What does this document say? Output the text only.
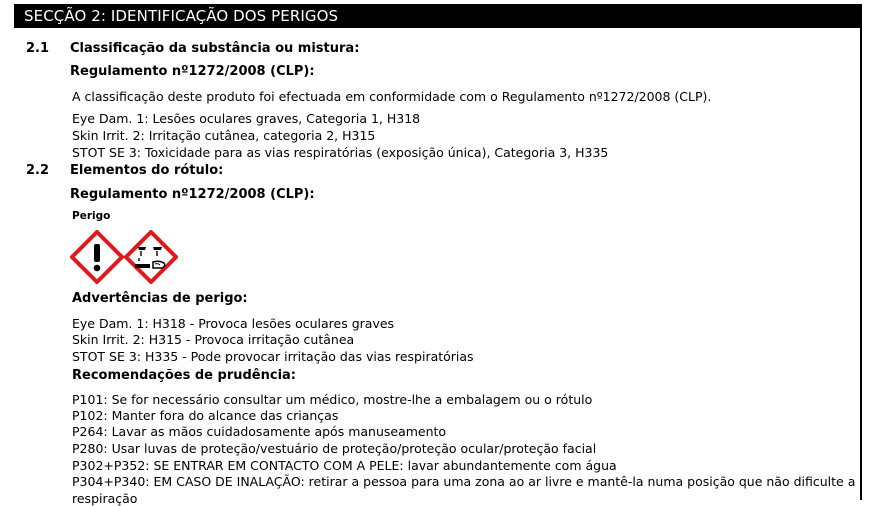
SECÇÃO 2: IDENTIFICAÇÃO DOS PERIGOS
2.1 Classificação da substância ou mistura:
Regulamento nº1272/2008 (CLP):
A classificação deste produto foi efectuada em conformidade com o Regulamento nº1272/2008 (CLP).
Eye Dam. 1: Lesões oculares graves, Categoria 1, H318
Skin Irrit. 2: Irritação cutânea, categoria 2, H315
STOT SE 3: Toxicidade para as vias respiratórias (exposição única), Categoria 3, H335
2.2 Elementos do rótulo:
Regulamento nº1272/2008 (CLP):
Perigo
Advertências de perigo:
Eye Dam. 1: H318 - Provoca lesões oculares graves
Skin Irrit. 2: H315 - Provoca irritação cutânea
STOT SE 3: H335 - Pode provocar irritação das vias respiratórias
Recomendações de prudência:
P101: Se for necessário consultar um médico, mostre-lhe a embalagem ou o rótulo
P102: Manter fora do alcance das crianças
P264: Lavar as mãos cuidadosamente após manuseamento
P280: Usar luvas de proteção/vestuário de proteção/proteção ocular/proteção facial
P302+P352: SE ENTRAR EM CONTACTO COM A PELE: lavar abundantemente com água
P304+P340: EM CASO DE INALAÇÃO: retirar a pessoa para uma zona ao ar livre e mantê-la numa posição que não dificulte a
respiração
